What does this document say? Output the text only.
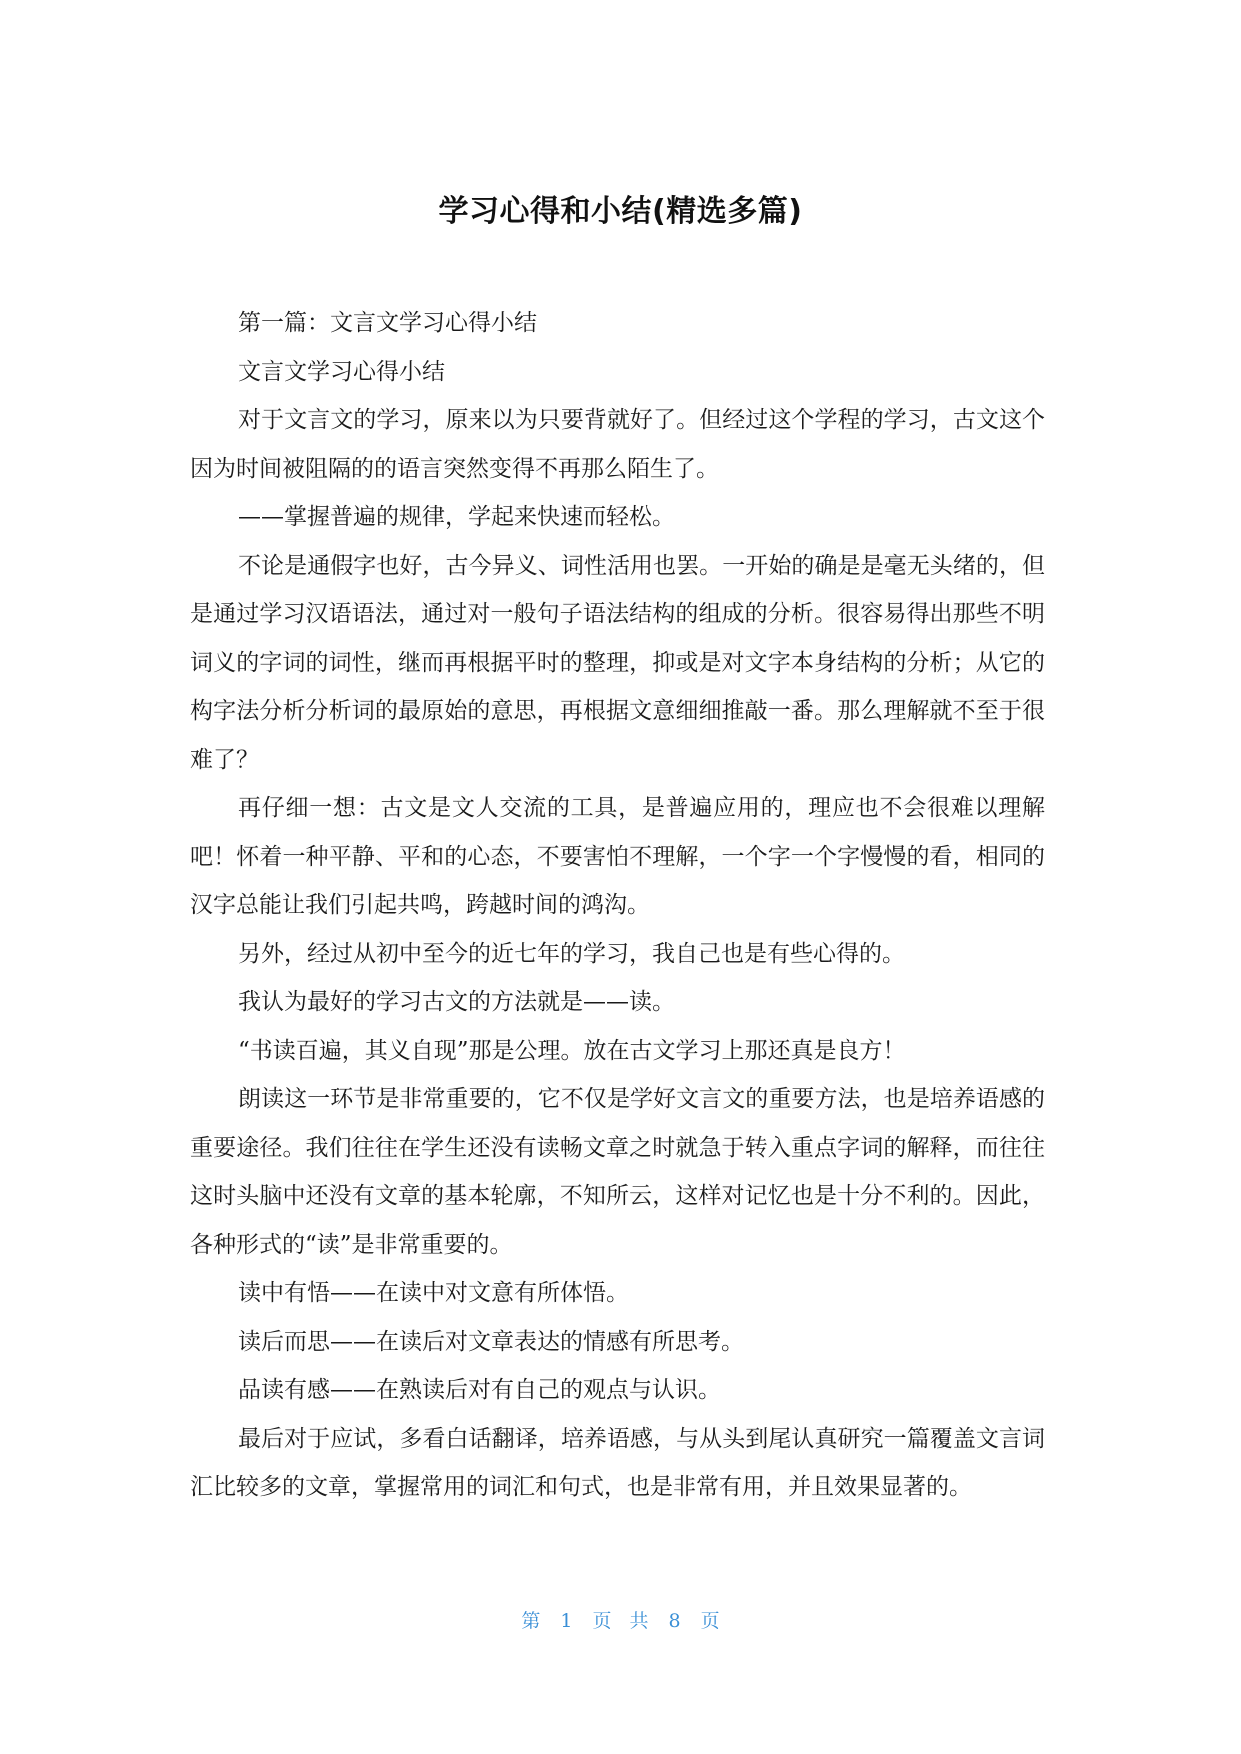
学习心得和小结(精选多篇)

第一篇：文言文学习心得小结

文言文学习心得小结

对于文言文的学习，原来以为只要背就好了。但经过这个学程的学习，古文这个因为时间被阻隔的的语言突然变得不再那么陌生了。

——掌握普遍的规律，学起来快速而轻松。

不论是通假字也好，古今异义、词性活用也罢。一开始的确是是毫无头绪的，但是通过学习汉语语法，通过对一般句子语法结构的组成的分析。很容易得出那些不明词义的字词的词性，继而再根据平时的整理，抑或是对文字本身结构的分析；从它的构字法分析分析词的最原始的意思，再根据文意细细推敲一番。那么理解就不至于很难了？

再仔细一想：古文是文人交流的工具，是普遍应用的，理应也不会很难以理解吧！怀着一种平静、平和的心态，不要害怕不理解，一个字一个字慢慢的看，相同的汉字总能让我们引起共鸣，跨越时间的鸿沟。

另外，经过从初中至今的近七年的学习，我自己也是有些心得的。

我认为最好的学习古文的方法就是——读。

“书读百遍，其义自现”那是公理。放在古文学习上那还真是良方！

朗读这一环节是非常重要的，它不仅是学好文言文的重要方法，也是培养语感的重要途径。我们往往在学生还没有读畅文章之时就急于转入重点字词的解释，而往往这时头脑中还没有文章的基本轮廓，不知所云，这样对记忆也是十分不利的。因此，各种形式的“读”是非常重要的。

读中有悟——在读中对文意有所体悟。

读后而思——在读后对文章表达的情感有所思考。

品读有感——在熟读后对有自己的观点与认识。

最后对于应试，多看白话翻译，培养语感，与从头到尾认真研究一篇覆盖文言词汇比较多的文章，掌握常用的词汇和句式，也是非常有用，并且效果显著的。

第 1 页 共 8 页
